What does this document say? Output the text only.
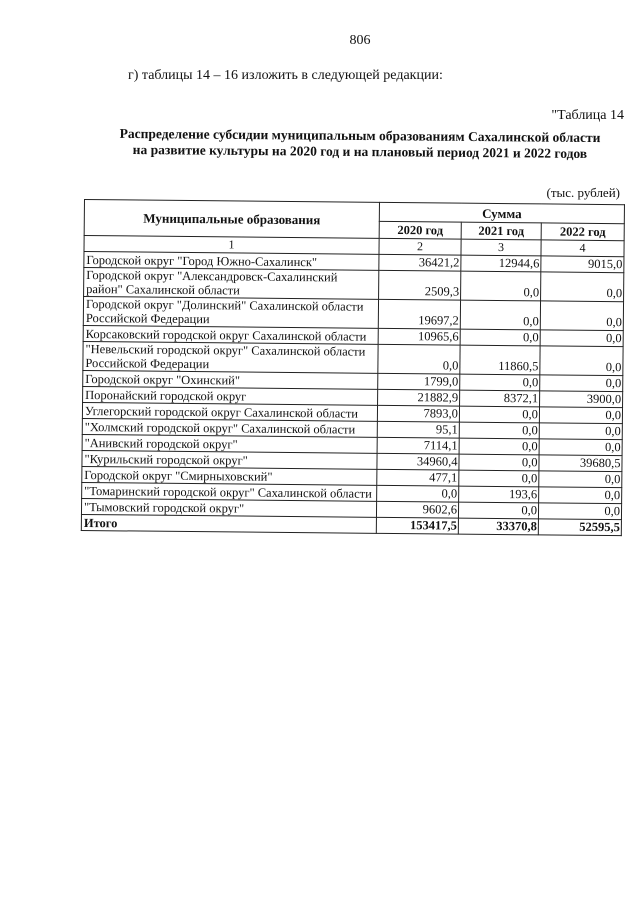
806
г) таблицы 14 – 16 изложить в следующей редакции:
"Таблица 14
Распределение субсидии муниципальным образованиям Сахалинской области
на развитие культуры на 2020 год и на плановый период 2021 и 2022 годов
(тыс. рублей)
Муниципальные образования	Сумма		
	2020 год	2021 год	2022 год
1	2	3	4
Городской округ "Город Южно-Сахалинск"	36421,2	12944,6	9015,0
Городской округ "Александровск-Сахалинский район" Сахалинской области	2509,3	0,0	0,0
Городской округ "Долинский" Сахалинской области Российской Федерации	19697,2	0,0	0,0
Корсаковский городской округ Сахалинской области	10965,6	0,0	0,0
"Невельский городской округ" Сахалинской области Российской Федерации	0,0	11860,5	0,0
Городской округ "Охинский"	1799,0	0,0	0,0
Поронайский городской округ	21882,9	8372,1	3900,0
Углегорский городской округ Сахалинской области	7893,0	0,0	0,0
"Холмский городской округ" Сахалинской области	95,1	0,0	0,0
"Анивский городской округ"	7114,1	0,0	0,0
"Курильский городской округ"	34960,4	0,0	39680,5
Городской округ "Смирныховский"	477,1	0,0	0,0
"Томаринский городской округ" Сахалинской области	0,0	193,6	0,0
"Тымовский городской округ"	9602,6	0,0	0,0
Итого	153417,5	33370,8	52595,5
